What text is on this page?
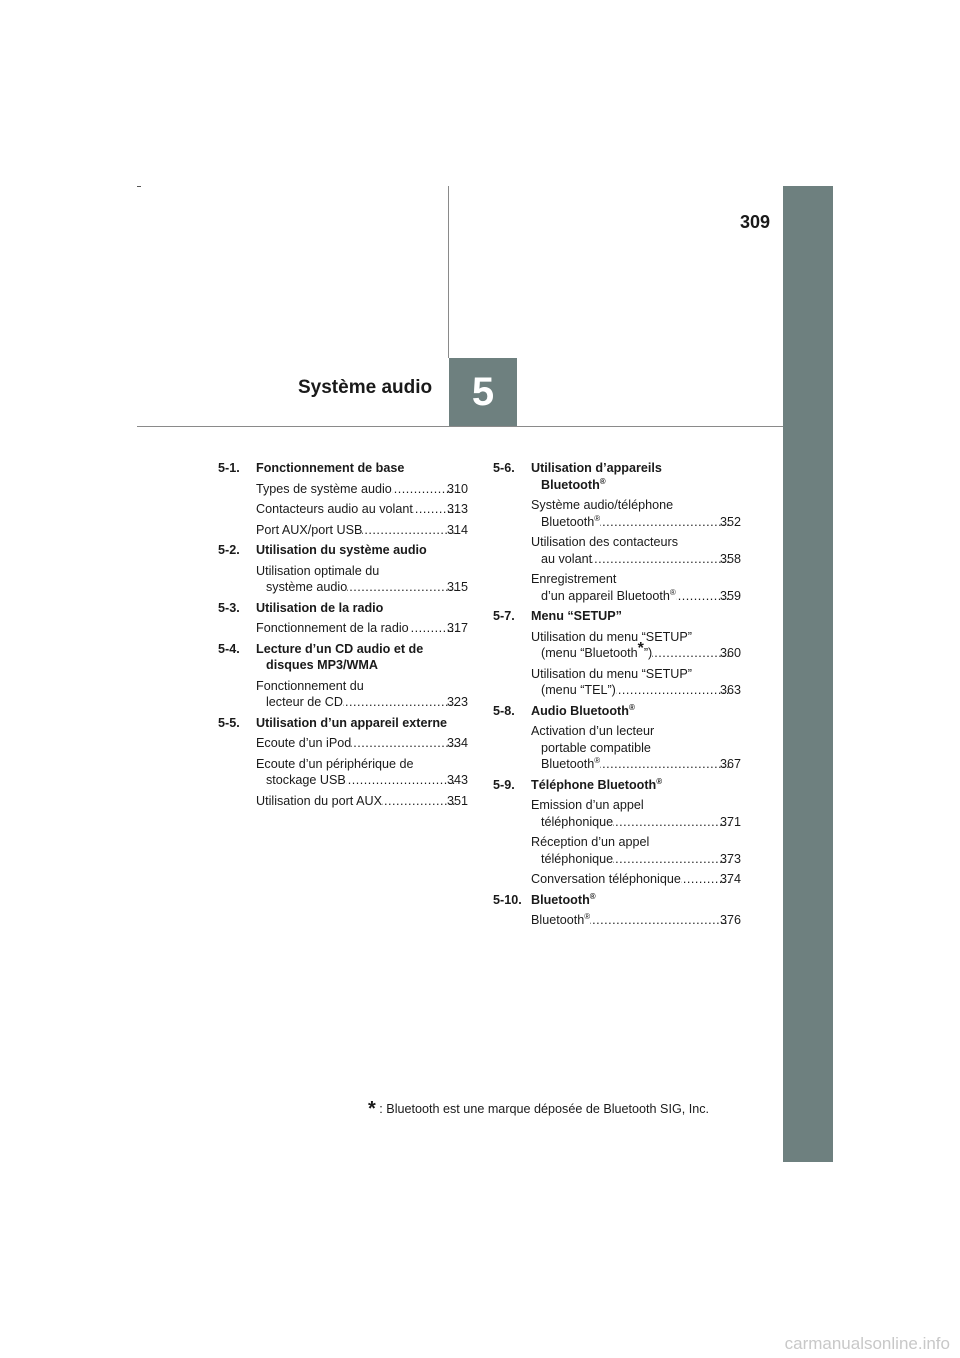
309
Système audio 5
5-1.	Fonctionnement de base
Types de système audio .....	310
Contacteurs audio au volant .....	313
Port AUX/port USB .....	314
5-2.	Utilisation du système audio
Utilisation optimale du
système audio .....	315
5-3.	Utilisation de la radio
Fonctionnement de la radio .....	317
5-4.	Lecture d’un CD audio et de
disques MP3/WMA
Fonctionnement du
lecteur de CD .....	323
5-5.	Utilisation d’un appareil externe
Ecoute d’un iPod .....	334
Ecoute d’un périphérique de
stockage USB .....	343
Utilisation du port AUX .....	351
5-6.	Utilisation d’appareils
Bluetooth®
Système audio/téléphone
Bluetooth® .....	352
Utilisation des contacteurs
au volant .....	358
Enregistrement
d’un appareil Bluetooth® .....	359
5-7.	Menu “SETUP”
Utilisation du menu “SETUP”
(menu “Bluetooth*”) .....	360
Utilisation du menu “SETUP”
(menu “TEL”) .....	363
5-8.	Audio Bluetooth®
Activation d’un lecteur
portable compatible
Bluetooth® .....	367
5-9.	Téléphone Bluetooth®
Emission d’un appel
téléphonique .....	371
Réception d’un appel
téléphonique .....	373
Conversation téléphonique .....	374
5-10. Bluetooth®
Bluetooth® .....	376
* : Bluetooth est une marque déposée de Bluetooth SIG, Inc.
carmanualsonline.info
